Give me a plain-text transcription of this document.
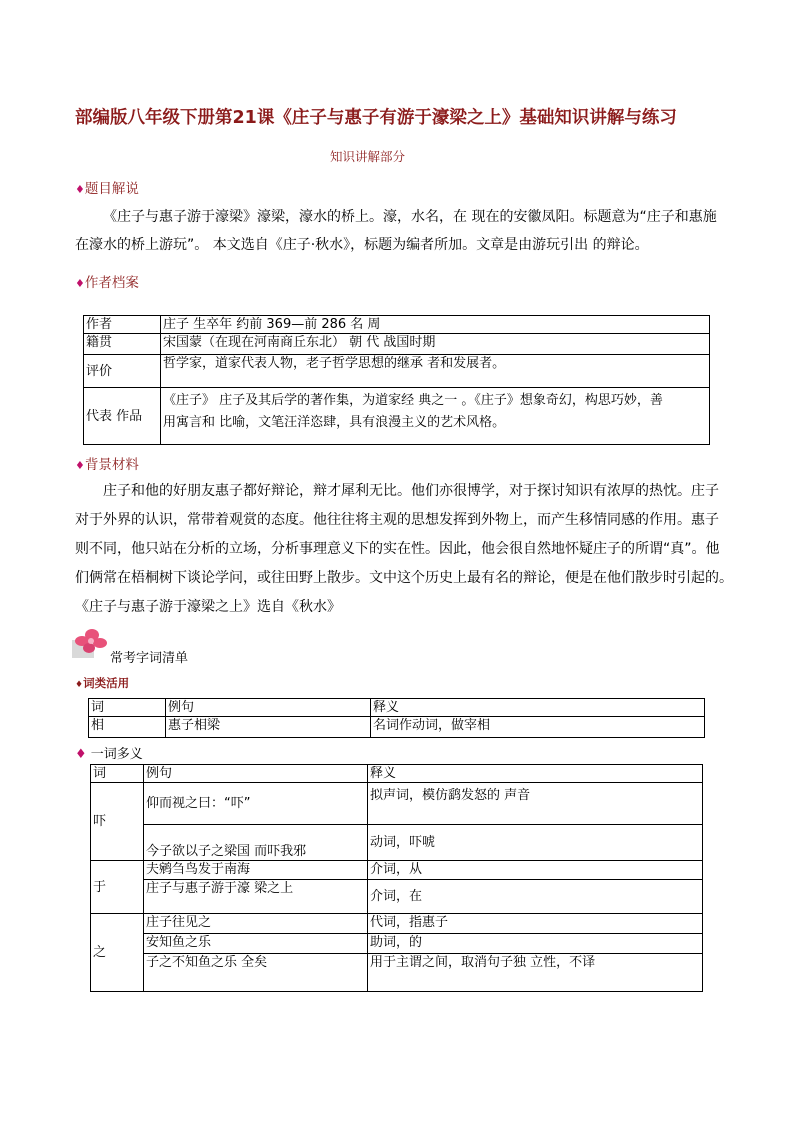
部编版八年级下册第21课《庄子与惠子有游于濠梁之上》基础知识讲解与练习
知识讲解部分
♦题目解说
《庄子与惠子游于濠梁》濠梁，濠水的桥上。濠，水名，在 现在的安徽凤阳。标题意为“庄子和惠施
在濠水的桥上游玩”。 本文选自《庄子·秋水》，标题为编者所加。文章是由游玩引出 的辩论。
♦作者档案
作者	庄子 生卒年 约前 369—前 286 名 周
籍贯	宋国蒙（在现在河南商丘东北） 朝 代 战国时期
评价	哲学家，道家代表人物，老子哲学思想的继承 者和发展者。
代表 作品	《庄子》 庄子及其后学的著作集，为道家经 典之一 。《庄子》想象奇幻，构思巧妙，善
用寓言和 比喻，文笔汪洋恣肆，具有浪漫主义的艺术风格。
♦背景材料
庄子和他的好朋友惠子都好辩论，辩才犀利无比。他们亦很博学，对于探讨知识有浓厚的热忱。庄子
对于外界的认识，常带着观赏的态度。他往往将主观的思想发挥到外物上，而产生移情同感的作用。惠子
则不同，他只站在分析的立场，分析事理意义下的实在性。因此，他会很自然地怀疑庄子的所谓“真”。他
们俩常在梧桐树下谈论学问，或往田野上散步。文中这个历史上最有名的辩论，便是在他们散步时引起的。
《庄子与惠子游于濠梁之上》选自《秋水》
常考字词清单
♦词类活用
词	例句	释义
相	惠子相梁	名词作动词，做宰相
♦ 一词多义
词	例句	释义
吓	仰而视之曰：“吓”	拟声词，模仿鹞发怒的 声音
	今子欲以子之梁国 而吓我邪	动词，吓唬
于	夫鹓刍鸟发于南海	介词，从
	庄子与惠子游于濠 梁之上	介词，在
之	庄子往见之	代词，指惠子
	安知鱼之乐	助词，的
	子之不知鱼之乐 全矣	用于主谓之间，取消句子独 立性，不译
